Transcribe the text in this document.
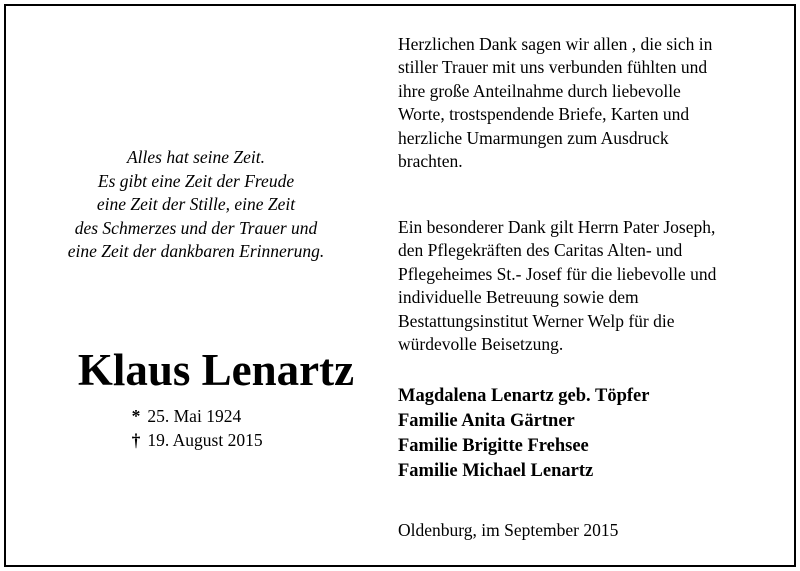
Alles hat seine Zeit.
Es gibt eine Zeit der Freude
eine Zeit der Stille, eine Zeit
des Schmerzes und der Trauer und
eine Zeit der dankbaren Erinnerung.
Klaus Lenartz
* 25. Mai 1924
† 19. August 2015
Herzlichen Dank sagen wir allen , die sich in
stiller Trauer mit uns verbunden fühlten und
ihre große Anteilnahme durch liebevolle
Worte, trostspendende Briefe, Karten und
herzliche Umarmungen zum Ausdruck
brachten.
Ein besonderer Dank gilt Herrn Pater Joseph,
den Pflegekräften des Caritas Alten- und
Pflegeheimes St.- Josef für die liebevolle und
individuelle Betreuung sowie dem
Bestattungsinstitut Werner Welp für die
würdevolle Beisetzung.
Magdalena Lenartz geb. Töpfer
Familie Anita Gärtner
Familie Brigitte Frehsee
Familie Michael Lenartz
Oldenburg, im September 2015
